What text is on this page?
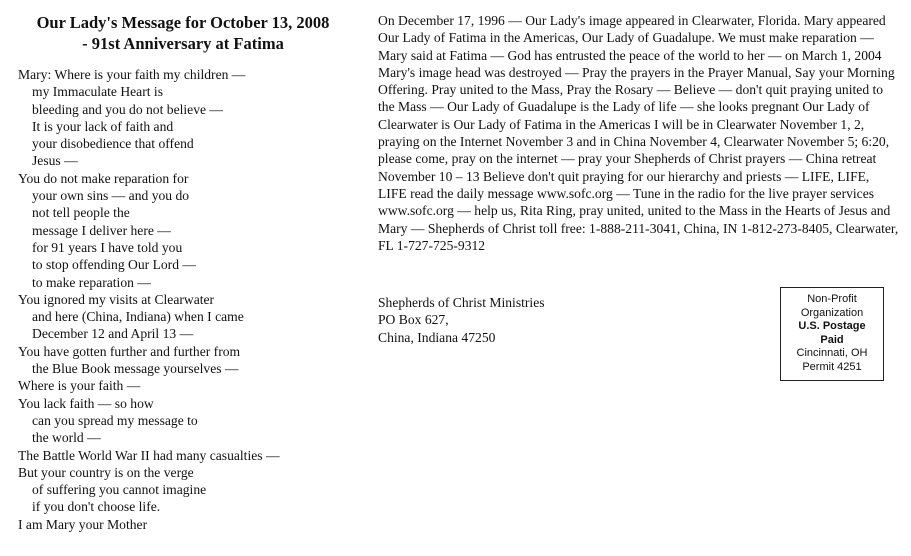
Our Lady's Message for October 13, 2008
- 91st Anniversary at Fatima
Mary: Where is your faith my children —
my Immaculate Heart is
bleeding and you do not believe —
It is your lack of faith and
your disobedience that offend
Jesus —
You do not make reparation for
your own sins — and you do
not tell people the
message I deliver here —
for 91 years I have told you
to stop offending Our Lord —
to make reparation —
You ignored my visits at Clearwater
and here (China, Indiana) when I came
December 12 and April 13 —
You have gotten further and further from
the Blue Book message yourselves —
Where is your faith —
You lack faith — so how
can you spread my message to
the world —
The Battle World War II had many casualties —
But your country is on the verge
of suffering you cannot imagine
if you don't choose life.
I am Mary your Mother

On December 17, 1996 — Our Lady's image appeared in Clearwater, Florida. Mary appeared Our Lady of Fatima in the Americas, Our Lady of Guadalupe. We must make reparation — Mary said at Fatima — God has entrusted the peace of the world to her — on March 1, 2004 Mary's image head was destroyed — Pray the prayers in the Prayer Manual, Say your Morning Offering. Pray united to the Mass, Pray the Rosary — Believe — don't quit praying united to the Mass — Our Lady of Guadalupe is the Lady of life — she looks pregnant Our Lady of Clearwater is Our Lady of Fatima in the Americas I will be in Clearwater November 1, 2, praying on the Internet November 3 and in China November 4, Clearwater November 5; 6:20, please come, pray on the internet — pray your Shepherds of Christ prayers — China retreat November 10 – 13 Believe don't quit praying for our hierarchy and priests — LIFE, LIFE, LIFE read the daily message www.sofc.org — Tune in the radio for the live prayer services www.sofc.org — help us, Rita Ring, pray united, united to the Mass in the Hearts of Jesus and Mary — Shepherds of Christ toll free: 1-888-211-3041, China, IN 1-812-273-8405, Clearwater, FL 1-727-725-9312

Shepherds of Christ Ministries
PO Box 627,
China, Indiana 47250
Non-Profit
Organization
U.S. Postage
Paid
Cincinnati, OH
Permit 4251
